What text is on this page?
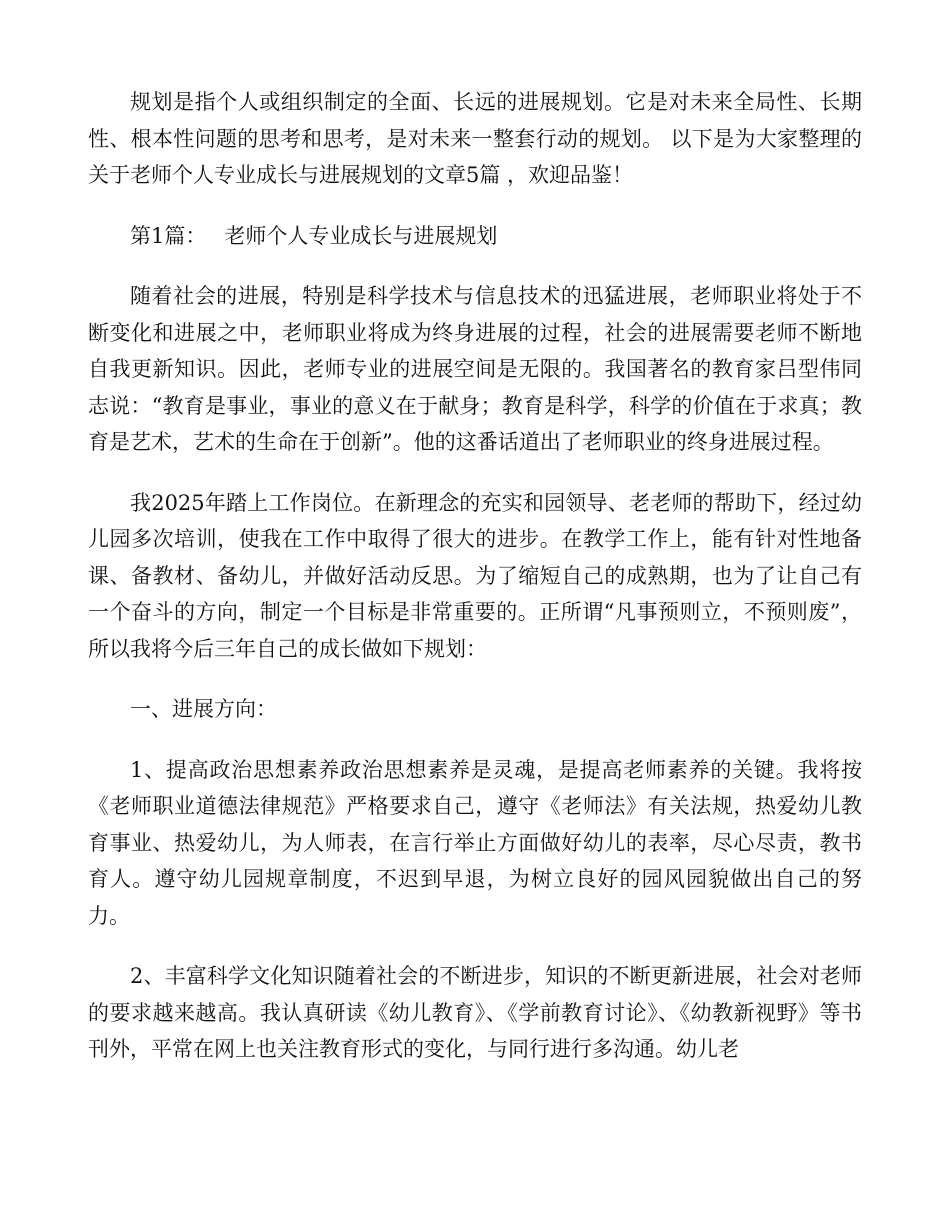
规划是指个人或组织制定的全面、长远的进展规划。它是对未来全局性、长期性、根本性问题的思考和思考，是对未来一整套行动的规划。 以下是为大家整理的关于老师个人专业成长与进展规划的文章5篇 ，欢迎品鉴！

第1篇： 老师个人专业成长与进展规划

随着社会的进展，特别是科学技术与信息技术的迅猛进展，老师职业将处于不断变化和进展之中，老师职业将成为终身进展的过程，社会的进展需要老师不断地自我更新知识。因此，老师专业的进展空间是无限的。我国著名的教育家吕型伟同志说：“教育是事业，事业的意义在于献身；教育是科学，科学的价值在于求真；教育是艺术，艺术的生命在于创新”。他的这番话道出了老师职业的终身进展过程。

我2025年踏上工作岗位。在新理念的充实和园领导、老老师的帮助下，经过幼儿园多次培训，使我在工作中取得了很大的进步。在教学工作上，能有针对性地备课、备教材、备幼儿，并做好活动反思。为了缩短自己的成熟期，也为了让自己有一个奋斗的方向，制定一个目标是非常重要的。正所谓“凡事预则立，不预则废”，所以我将今后三年自己的成长做如下规划：

一、进展方向：

1、提高政治思想素养政治思想素养是灵魂，是提高老师素养的关键。我将按《老师职业道德法律规范》严格要求自己，遵守《老师法》有关法规，热爱幼儿教育事业、热爱幼儿，为人师表，在言行举止方面做好幼儿的表率，尽心尽责，教书育人。遵守幼儿园规章制度，不迟到早退，为树立良好的园风园貌做出自己的努力。

2、丰富科学文化知识随着社会的不断进步，知识的不断更新进展，社会对老师的要求越来越高。我认真研读《幼儿教育》、《学前教育讨论》、《幼教新视野》等书刊外，平常在网上也关注教育形式的变化，与同行进行多沟通。幼儿老
